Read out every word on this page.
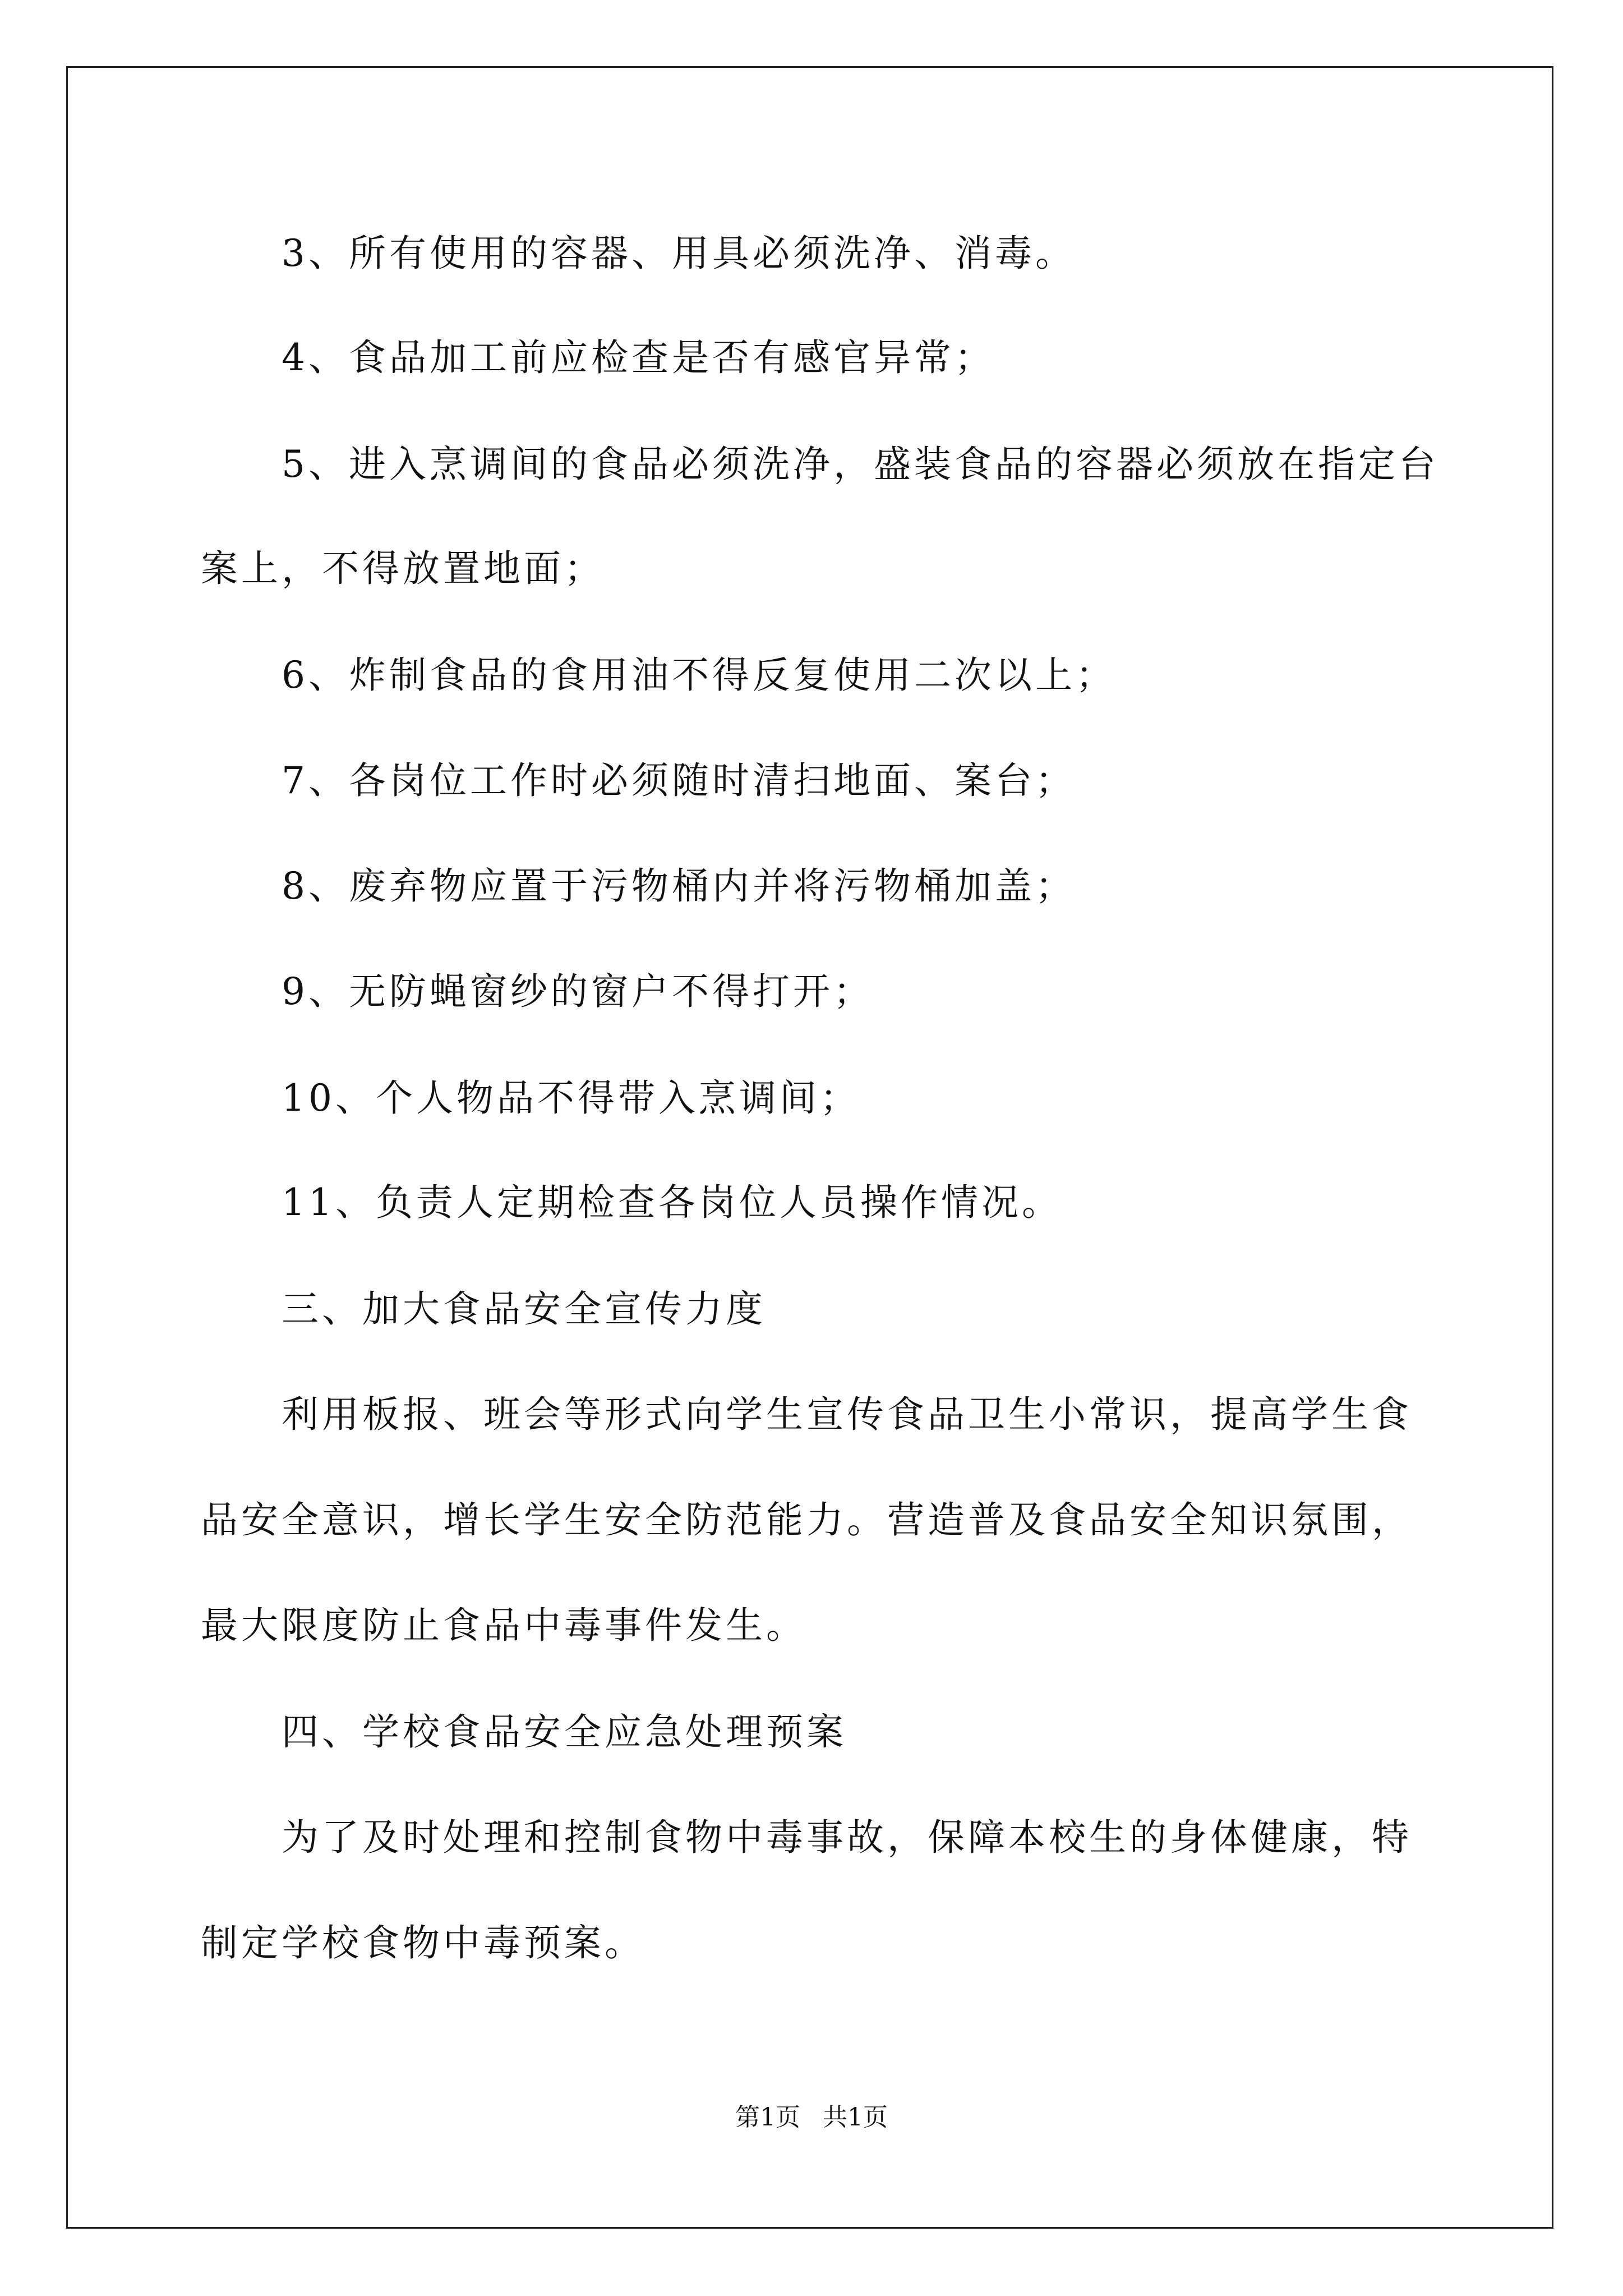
3、所有使用的容器、用具必须洗净、消毒。
4、食品加工前应检查是否有感官异常；
5、进入烹调间的食品必须洗净，盛装食品的容器必须放在指定台
案上，不得放置地面；
6、炸制食品的食用油不得反复使用二次以上；
7、各岗位工作时必须随时清扫地面、案台；
8、废弃物应置于污物桶内并将污物桶加盖；
9、无防蝇窗纱的窗户不得打开；
10、个人物品不得带入烹调间；
11、负责人定期检查各岗位人员操作情况。
三、加大食品安全宣传力度
利用板报、班会等形式向学生宣传食品卫生小常识，提高学生食
品安全意识，增长学生安全防范能力。营造普及食品安全知识氛围，
最大限度防止食品中毒事件发生。
四、学校食品安全应急处理预案
为了及时处理和控制食物中毒事故，保障本校生的身体健康，特
制定学校食物中毒预案。
第1页 共1页
